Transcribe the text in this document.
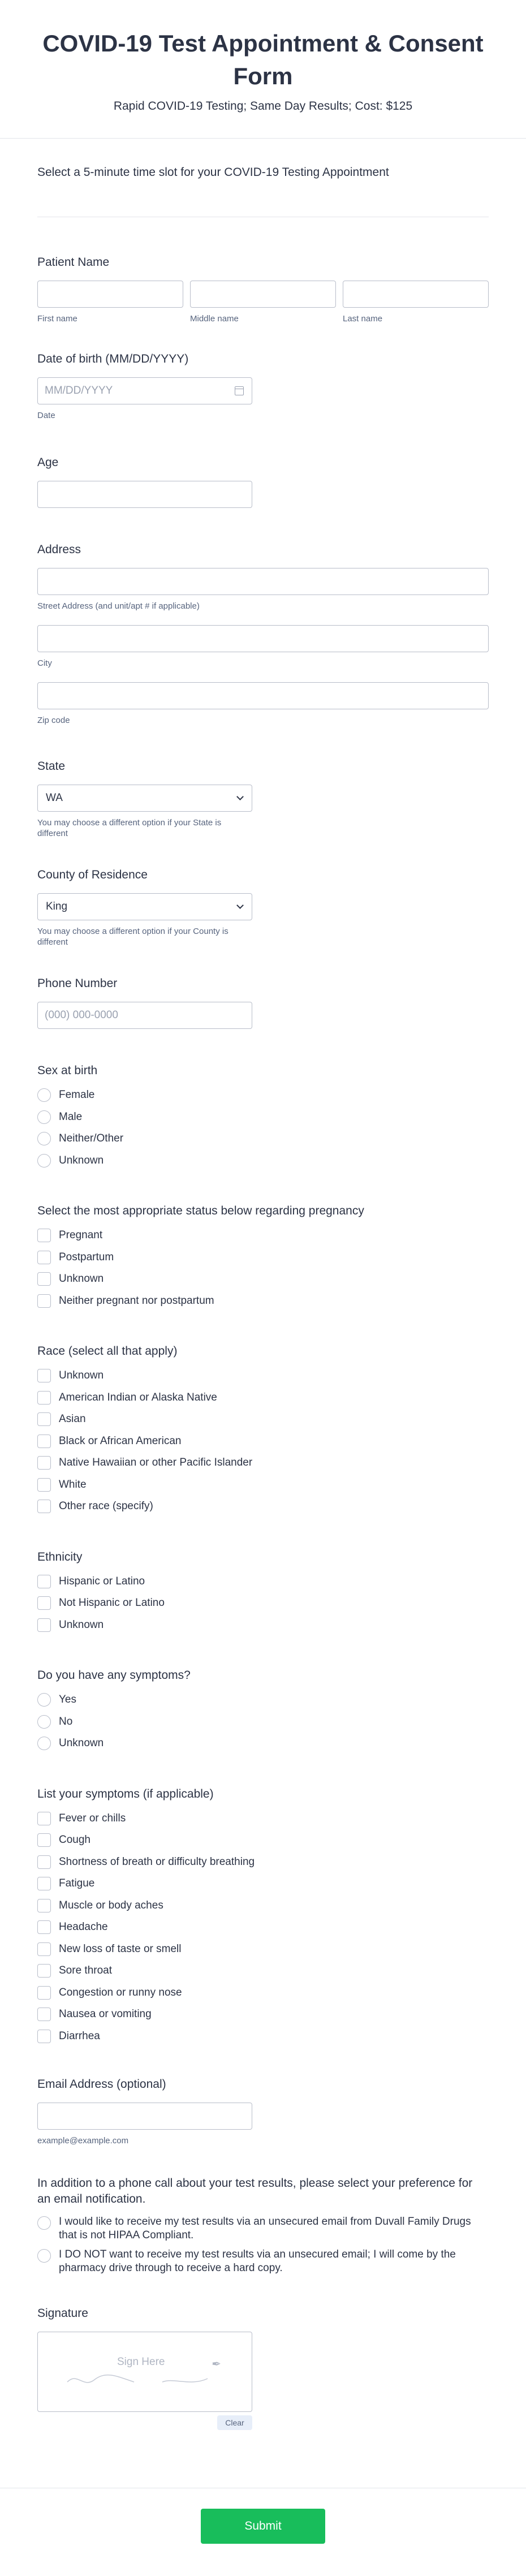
COVID-19 Test Appointment & Consent Form
Rapid COVID-19 Testing; Same Day Results; Cost: $125
Select a 5-minute time slot for your COVID-19 Testing Appointment
Patient Name
First name	Middle name	Last name
Date of birth (MM/DD/YYYY)
MM/DD/YYYY
Date
Age
Address
Street Address (and unit/apt # if applicable)
City
Zip code
State
WA
You may choose a different option if your State is different
County of Residence
King
You may choose a different option if your County is different
Phone Number
(000) 000-0000
Sex at birth
Female
Male
Neither/Other
Unknown
Select the most appropriate status below regarding pregnancy
Pregnant
Postpartum
Unknown
Neither pregnant nor postpartum
Race (select all that apply)
Unknown
American Indian or Alaska Native
Asian
Black or African American
Native Hawaiian or other Pacific Islander
White
Other race (specify)
Ethnicity
Hispanic or Latino
Not Hispanic or Latino
Unknown
Do you have any symptoms?
Yes
No
Unknown
List your symptoms (if applicable)
Fever or chills
Cough
Shortness of breath or difficulty breathing
Fatigue
Muscle or body aches
Headache
New loss of taste or smell
Sore throat
Congestion or runny nose
Nausea or vomiting
Diarrhea
Email Address (optional)
example@example.com
In addition to a phone call about your test results, please select your preference for an email notification.
I would like to receive my test results via an unsecured email from Duvall Family Drugs that is not HIPAA Compliant.
I DO NOT want to receive my test results via an unsecured email; I will come by the pharmacy drive through to receive a hard copy.
Signature
Sign Here	✒
Clear
Submit
